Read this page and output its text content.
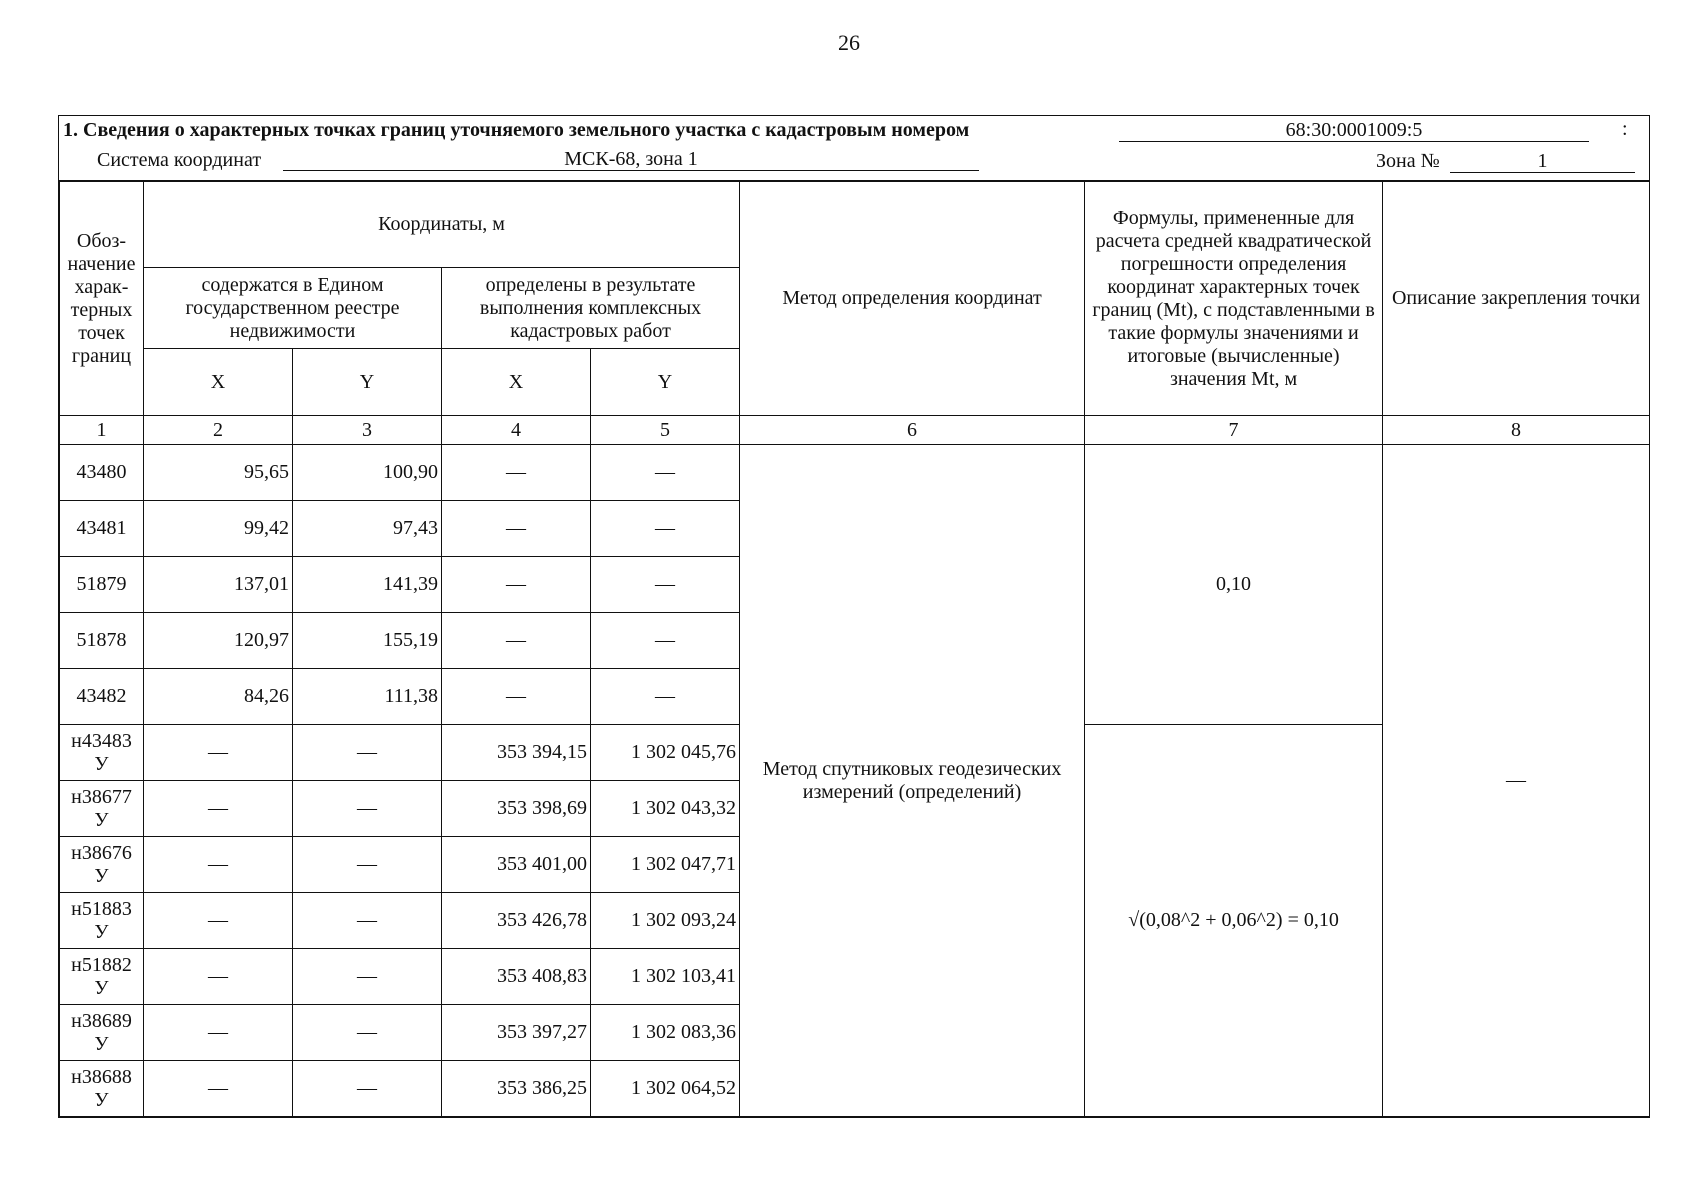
26
1. Сведения о характерных точках границ уточняемого земельного участка с кадастровым номером	68:30:0001009:5	:
Система координат	МСК-68, зона 1	Зона №	1
Обоз- начение харак- терных точек границ	Координаты, м				Метод определения координат	Формулы, примененные для расчета средней квадратической погрешности определения координат характерных точек границ (Mt), с подставленными в такие формулы значениями и итоговые (вычисленные) значения Mt, м	Описание закрепления точки
	содержатся в Едином государственном реестре недвижимости		определены в результате выполнения комплексных кадастровых работ				
	X	Y	X	Y			
1	2	3	4	5	6	7	8
43480	95,65	100,90	—	—	Метод спутниковых геодезических измерений (определений)	0,10	—
43481	99,42	97,43	—	—			
51879	137,01	141,39	—	—			
51878	120,97	155,19	—	—			
43482	84,26	111,38	—	—			
н43483 У	—	—	353 394,15	1 302 045,76		√(0,08^2 + 0,06^2) = 0,10	
н38677 У	—	—	353 398,69	1 302 043,32			
н38676 У	—	—	353 401,00	1 302 047,71			
н51883 У	—	—	353 426,78	1 302 093,24			
н51882 У	—	—	353 408,83	1 302 103,41			
н38689 У	—	—	353 397,27	1 302 083,36			
н38688 У	—	—	353 386,25	1 302 064,52			
